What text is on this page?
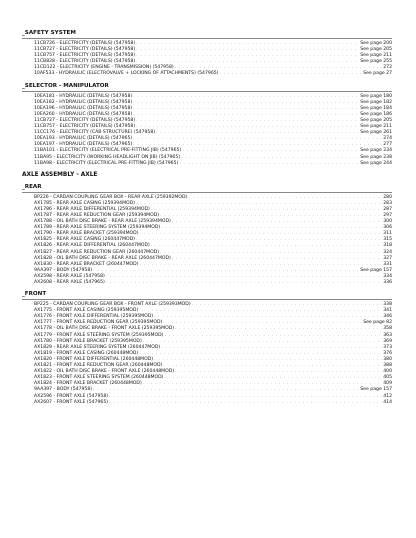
_SAFETY SYSTEM
11CB726 - ELECTRICITY (DETAILS) (547958) . . .	See page 200
11CB727 - ELECTRICITY (DETAILS) (547958) . . .	See page 205
11CB757 - ELECTRICITY (DETAILS) (547958) . . .	See page 211
11CB828 - ELECTRICITY (DETAILS) (547958) . . .	See page 255
11CD122 - ELECTRICITY (ENGINE - TRANSMISSION) (547958) . . .	272
10AF533 - HYDRAULIC (ELECTROVALVE + LOCKING OF ATTACHMENTS) (547965) . . .	See page 27
_SELECTOR - MANIPULATOR
10EA181 - HYDRAULIC (DETAILS) (547958) . . .	See page 180
10EA182 - HYDRAULIC (DETAILS) (547958) . . .	See page 182
10EA196 - HYDRAULIC (DETAILS) (547958) . . .	See page 184
10EA260 - HYDRAULIC (DETAILS) (547958) . . .	See page 186
11CB727 - ELECTRICITY (DETAILS) (547958) . . .	See page 205
11CB757 - ELECTRICITY (DETAILS) (547958) . . .	See page 211
11CC176 - ELECTRICITY (CAB STRUCTURE) (547958) . . .	See page 261
10EA193 - HYDRAULIC (DETAILS) (547965) . . .	274
10EA197 - HYDRAULIC (DETAILS) (547965) . . .	277
11BA101 - ELECTRICITY (ELECTRICAL PRE-FITTING JIB) (547965) . . .	See page 234
11BA95 - ELECTRICITY (WORKING HEADLIGHT ON JIB) (547965) . . .	See page 238
11BA98 - ELECTRICITY (ELECTRICAL PRE-FITTING JIB) (547965) . . .	See page 244
AXLE ASSEMBLY - AXLE
_REAR
BP226 - CARDAN COUPLING GEAR BOX - REAR AXLE (259392MOD) . . .	280
AX1785 - REAR AXLE CASING (259394MOD) . . .	283
AX1786 - REAR AXLE DIFFERENTIAL (259394MOD) . . .	287
AX1787 - REAR AXLE REDUCTION GEAR (259394MOD) . . .	297
AX1788 - OIL BATH DISC BRAKE - REAR AXLE (259394MOD) . . .	300
AX1789 - REAR AXLE STEERING SYSTEM (259394MOD) . . .	306
AX1790 - REAR AXLE BRACKET (259394MOD) . . .	311
AX1825 - REAR AXLE CASING (260447MOD) . . .	315
AX1826 - REAR AXLE DIFFERENTIAL (260447MOD) . . .	318
AX1827 - REAR AXLE REDUCTION GEAR (260447MOD) . . .	324
AX1828 - OIL BATH DISC BRAKE - REAR AXLE (260447MOD) . . .	327
AX1830 - REAR AXLE BRACKET (260447MOD) . . .	331
9AA397 - BODY (547958) . . .	See page 157
AX2598 - REAR AXLE (547958) . . .	334
AX2608 - REAR AXLE (547965) . . .	336
_FRONT
BP225 - CARDAN COUPLING GEAR BOX - FRONT AXLE (259393MOD) . . .	338
AX1775 - FRONT AXLE CASING (259395MOD) . . .	341
AX1776 - FRONT AXLE DIFFERENTIAL (259395MOD) . . .	346
AX1777 - FRONT AXLE REDUCTION GEAR (259395MOD) . . .	See page 82
AX1778 - OIL BATH DISC BRAKE - FRONT AXLE (259395MOD) . . .	358
AX1779 - FRONT AXLE STEERING SYSTEM (259395MOD) . . .	363
AX1780 - FRONT AXLE BRACKET (259395MOD) . . .	369
AX1829 - REAR AXLE STEERING SYSTEM (260447MOD) . . .	373
AX1819 - FRONT AXLE CASING (260448MOD) . . .	376
AX1820 - FRONT AXLE DIFFERENTIAL (260448MOD) . . .	380
AX1821 - FRONT AXLE REDUCTION GEAR (260448MOD) . . .	388
AX1822 - OIL BATH DISC BRAKE - FRONT AXLE (260448MOD) . . .	400
AX1823 - FRONT AXLE STEERING SYSTEM (260448MOD) . . .	405
AX1824 - FRONT AXLE BRACKET (260448MOD) . . .	409
9AA397 - BODY (547958) . . .	See page 157
AX2596 - FRONT AXLE (547958) . . .	412
AX2607 - FRONT AXLE (547965) . . .	414
